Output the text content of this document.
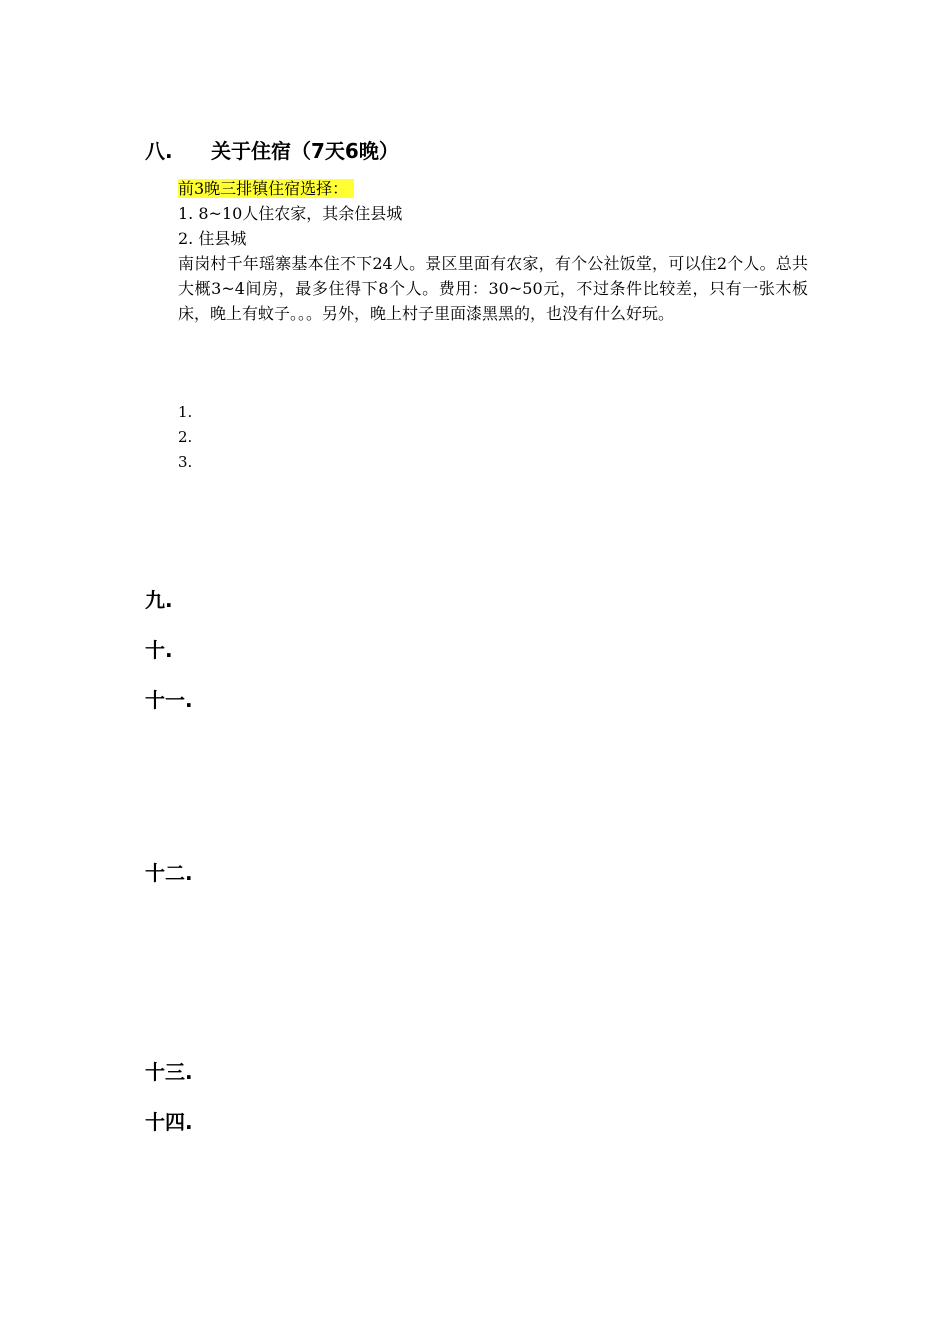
八. 关于住宿（7天6晚）
前3晚三排镇住宿选择：
1. 8~10人住农家，其余住县城
2. 住县城
南岗村千年瑶寨基本住不下24人。景区里面有农家，有个公社饭堂，可以住2个人。总共大概3~4间房，最多住得下8个人。费用：30~50元，不过条件比较差，只有一张木板床，晚上有蚊子。。。另外，晚上村子里面漆黑黑的，也没有什么好玩。
1.
2.
3.
九.
十.
十一.
十二.
十三.
十四.
